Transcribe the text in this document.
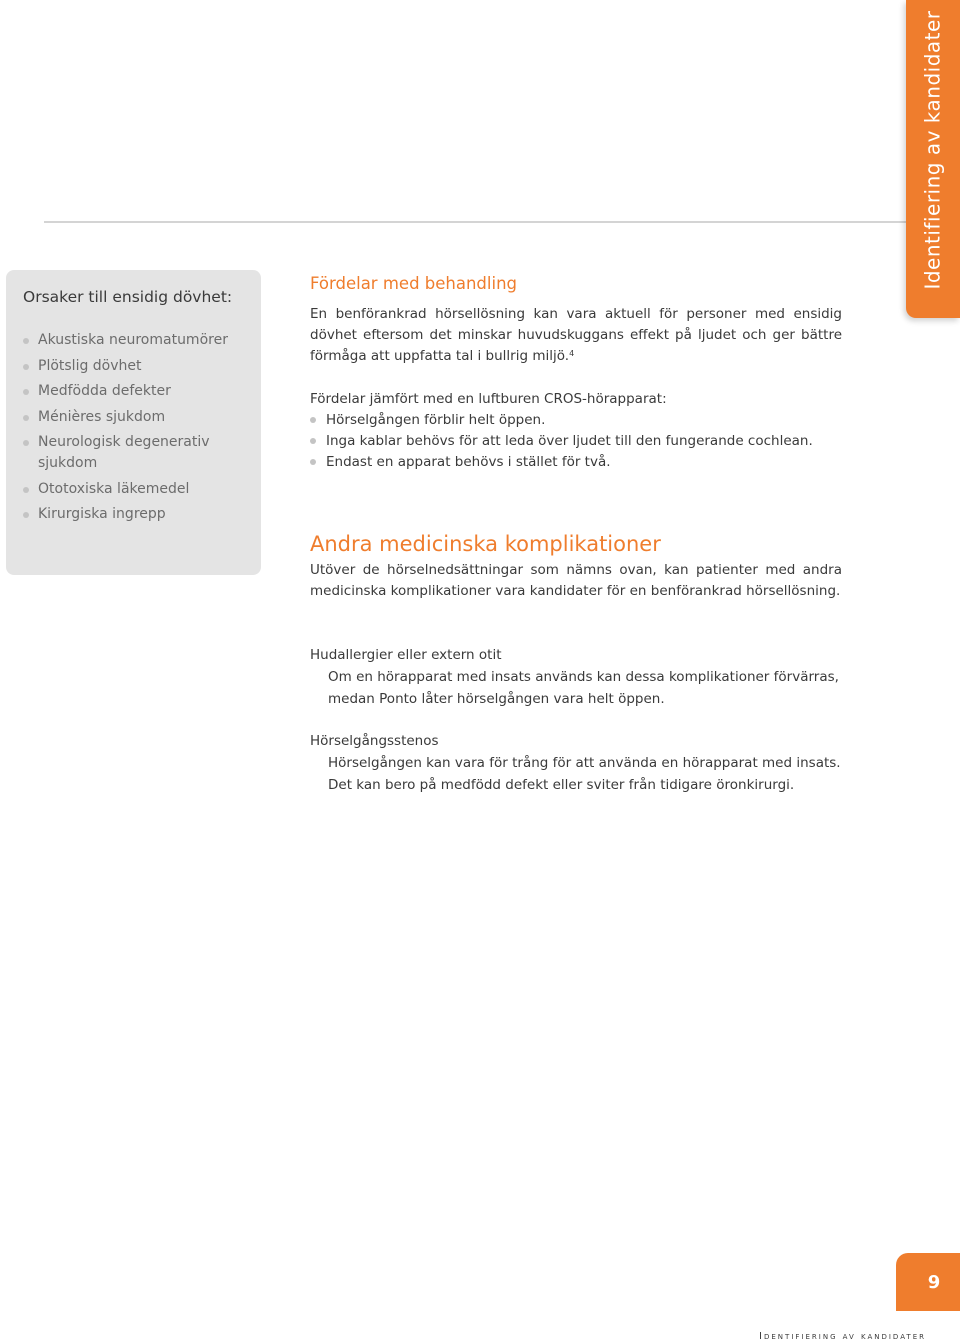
Identifiering av kandidater
Orsaker till ensidig dövhet:
Akustiska neuromatumörer
Plötslig dövhet
Medfödda defekter
Ménières sjukdom
Neurologisk degenerativ sjukdom
Ototoxiska läkemedel
Kirurgiska ingrepp
Fördelar med behandling

En benförankrad hörsellösning kan vara aktuell för personer med ensidig dövhet eftersom det minskar huvudskuggans effekt på ljudet och ger bättre förmåga att uppfatta tal i bullrig miljö.$^4$

Fördelar jämfört med en luftburen CROS-hörapparat:
Hörselgången förblir helt öppen.
Inga kablar behövs för att leda över ljudet till den fungerande cochlean.
Endast en apparat behövs i stället för två.
Andra medicinska komplikationer

Utöver de hörselnedsättningar som nämns ovan, kan patienter med andra medicinska komplikationer vara kandidater för en benförankrad hörsellösning.

Hudallergier eller extern otit

Om en hörapparat med insats används kan dessa komplikationer förvärras, medan Ponto låter hörselgången vara helt öppen.

Hörselgångsstenos

Hörselgången kan vara för trång för att använda en hörapparat med insats. Det kan bero på medfödd defekt eller sviter från tidigare öronkirurgi.

9
Identifiering av kandidater
